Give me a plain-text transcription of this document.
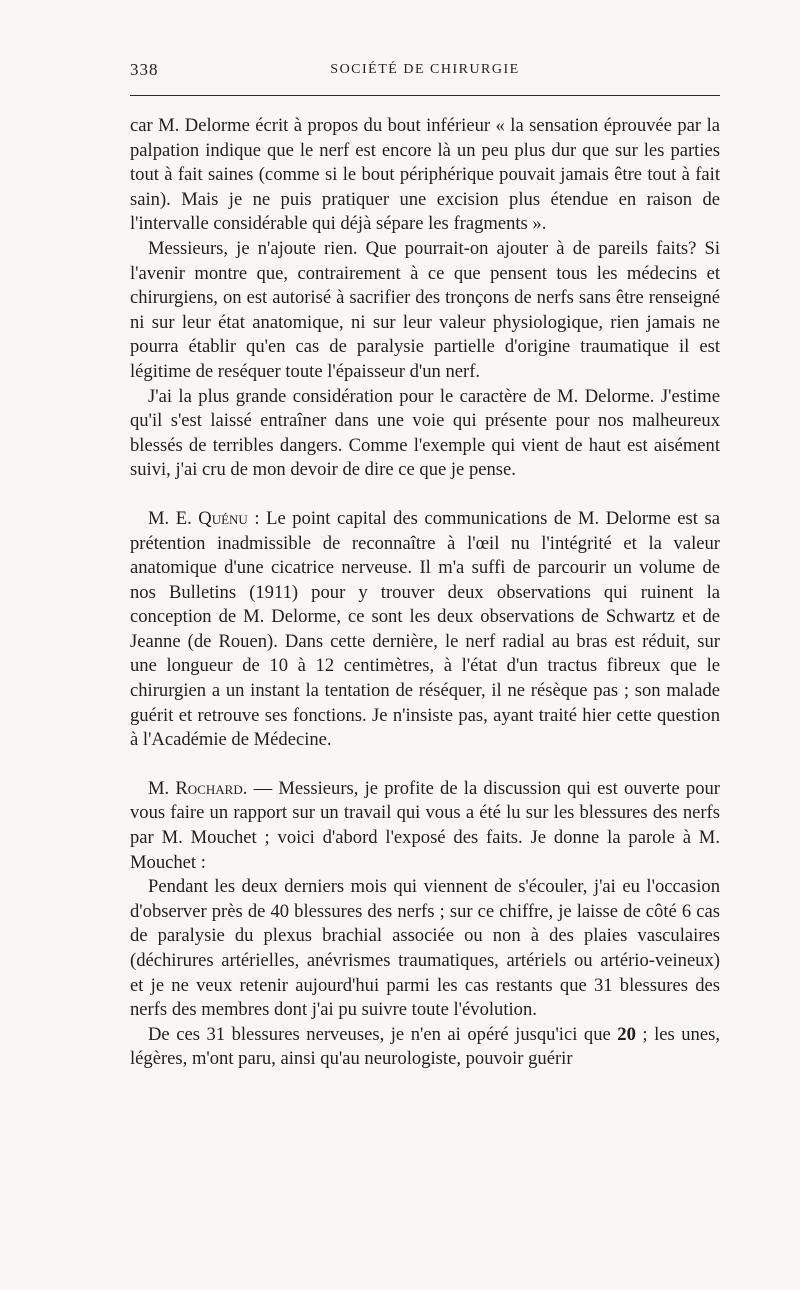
338	SOCIÉTÉ DE CHIRURGIE

car M. Delorme écrit à propos du bout inférieur « la sensation éprouvée par la palpation indique que le nerf est encore là un peu plus dur que sur les parties tout à fait saines (comme si le bout périphérique pouvait jamais être tout à fait sain). Mais je ne puis pratiquer une excision plus étendue en raison de l'intervalle considérable qui déjà sépare les fragments ».

Messieurs, je n'ajoute rien. Que pourrait-on ajouter à de pareils faits? Si l'avenir montre que, contrairement à ce que pensent tous les médecins et chirurgiens, on est autorisé à sacrifier des tronçons de nerfs sans être renseigné ni sur leur état anatomique, ni sur leur valeur physiologique, rien jamais ne pourra établir qu'en cas de paralysie partielle d'origine traumatique il est légitime de reséquer toute l'épaisseur d'un nerf.

J'ai la plus grande considération pour le caractère de M. Delorme. J'estime qu'il s'est laissé entraîner dans une voie qui présente pour nos malheureux blessés de terribles dangers. Comme l'exemple qui vient de haut est aisément suivi, j'ai cru de mon devoir de dire ce que je pense.

M. E. Quénu : Le point capital des communications de M. Delorme est sa prétention inadmissible de reconnaître à l'œil nu l'intégrité et la valeur anatomique d'une cicatrice nerveuse. Il m'a suffi de parcourir un volume de nos Bulletins (1911) pour y trouver deux observations qui ruinent la conception de M. Delorme, ce sont les deux observations de Schwartz et de Jeanne (de Rouen). Dans cette dernière, le nerf radial au bras est réduit, sur une longueur de 10 à 12 centimètres, à l'état d'un tractus fibreux que le chirurgien a un instant la tentation de réséquer, il ne résèque pas ; son malade guérit et retrouve ses fonctions. Je n'insiste pas, ayant traité hier cette question à l'Académie de Médecine.

M. Rochard. — Messieurs, je profite de la discussion qui est ouverte pour vous faire un rapport sur un travail qui vous a été lu sur les blessures des nerfs par M. Mouchet ; voici d'abord l'exposé des faits. Je donne la parole à M. Mouchet :

Pendant les deux derniers mois qui viennent de s'écouler, j'ai eu l'occasion d'observer près de 40 blessures des nerfs ; sur ce chiffre, je laisse de côté 6 cas de paralysie du plexus brachial associée ou non à des plaies vasculaires (déchirures artérielles, anévrismes traumatiques, artériels ou artério-veineux) et je ne veux retenir aujourd'hui parmi les cas restants que 31 blessures des nerfs des membres dont j'ai pu suivre toute l'évolution.

De ces 31 blessures nerveuses, je n'en ai opéré jusqu'ici que 20 ; les unes, légères, m'ont paru, ainsi qu'au neurologiste, pouvoir guérir
